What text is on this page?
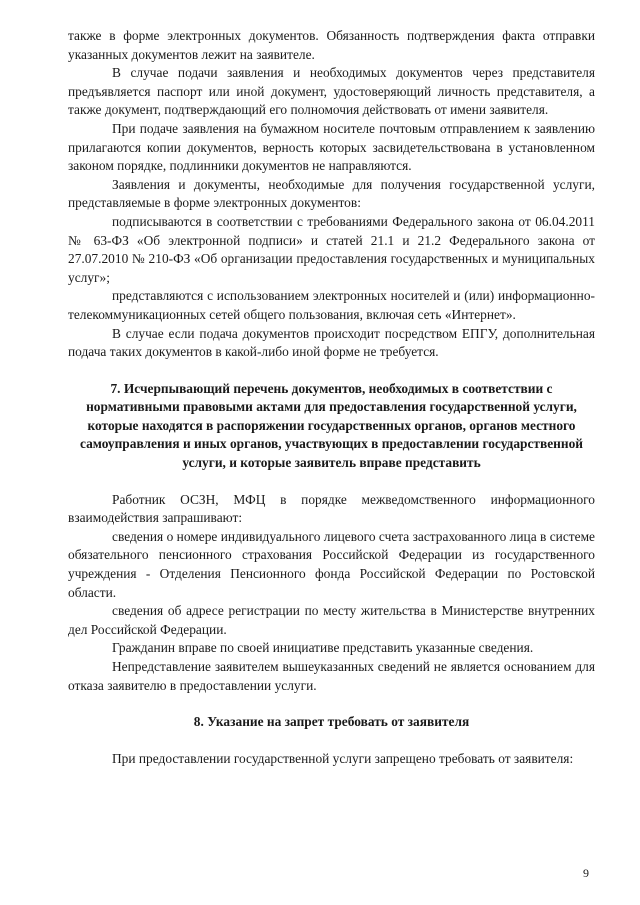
также в форме электронных документов. Обязанность подтверждения факта отправки указанных документов лежит на заявителе.

В случае подачи заявления и необходимых документов через представителя предъявляется паспорт или иной документ, удостоверяющий личность представителя, а также документ, подтверждающий его полномочия действовать от имени заявителя.

При подаче заявления на бумажном носителе почтовым отправлением к заявлению прилагаются копии документов, верность которых засвидетельствована в установленном законом порядке, подлинники документов не направляются.

Заявления и документы, необходимые для получения государственной услуги, представляемые в форме электронных документов:

подписываются в соответствии с требованиями Федерального закона от 06.04.2011 № 63-ФЗ «Об электронной подписи» и статей 21.1 и 21.2 Федерального закона от 27.07.2010 № 210-ФЗ «Об организации предоставления государственных и муниципальных услуг»;

представляются с использованием электронных носителей и (или) информационно-телекоммуникационных сетей общего пользования, включая сеть «Интернет».

В случае если подача документов происходит посредством ЕПГУ, дополнительная подача таких документов в какой-либо иной форме не требуется.

7. Исчерпывающий перечень документов, необходимых в соответствии с нормативными правовыми актами для предоставления государственной услуги, которые находятся в распоряжении государственных органов, органов местного самоуправления и иных органов, участвующих в предоставлении государственной услуги, и которые заявитель вправе представить

Работник ОСЗН, МФЦ в порядке межведомственного информационного взаимодействия запрашивают:

сведения о номере индивидуального лицевого счета застрахованного лица в системе обязательного пенсионного страхования Российской Федерации из государственного учреждения - Отделения Пенсионного фонда Российской Федерации по Ростовской области.

сведения об адресе регистрации по месту жительства в Министерстве внутренних дел Российской Федерации.

Гражданин вправе по своей инициативе представить указанные сведения.

Непредставление заявителем вышеуказанных сведений не является основанием для отказа заявителю в предоставлении услуги.

8. Указание на запрет требовать от заявителя

При предоставлении государственной услуги запрещено требовать от заявителя:

9
